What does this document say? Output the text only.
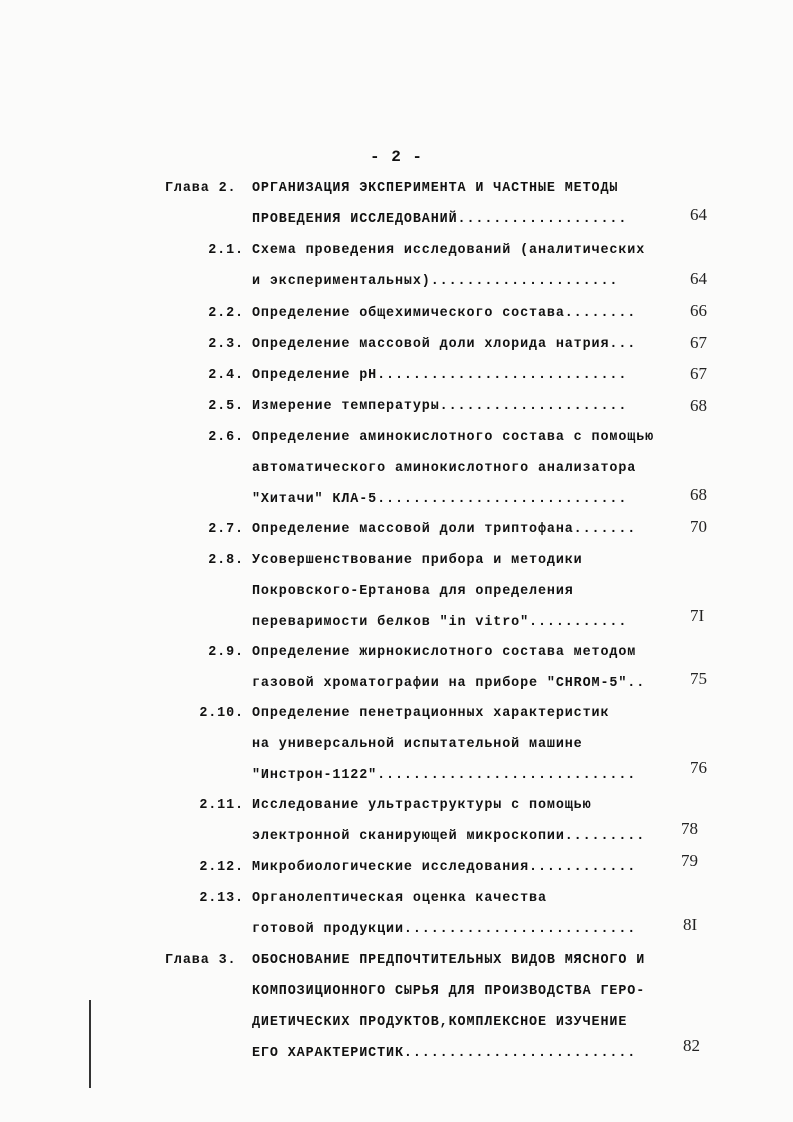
- 2 -
Глава 2. ОРГАНИЗАЦИЯ ЭКСПЕРИМЕНТА И ЧАСТНЫЕ МЕТОДЫ
ПРОВЕДЕНИЯ ИССЛЕДОВАНИЙ...................	64
2.1. Схема проведения исследований (аналитических
и экспериментальных).....................	64
2.2. Определение общехимического состава........	66
2.3. Определение массовой доли хлорида натрия...	67
2.4. Определение рН............................	67
2.5. Измерение температуры.....................	68
2.6. Определение аминокислотного состава с помощью
автоматического аминокислотного анализатора
"Хитачи" КЛА-5............................	68
2.7. Определение массовой доли триптофана.......	70
2.8. Усовершенствование прибора и методики
Покровского-Ертанова для определения
переваримости белков "in vitro"...........	7I
2.9. Определение жирнокислотного состава методом
газовой хроматографии на приборе "CHROM-5"..	75
2.10. Определение пенетрационных характеристик
на универсальной испытательной машине
"Инстрон-1122".............................	76
2.11. Исследование ультраструктуры с помощью
электронной сканирующей микроскопии......... 78
2.12. Микробиологические исследования............	79
2.13. Органолептическая оценка качества
готовой продукции..........................	8I
Глава 3. ОБОСНОВАНИЕ ПРЕДПОЧТИТЕЛЬНЫХ ВИДОВ МЯСНОГО И
КОМПОЗИЦИОННОГО СЫРЬЯ ДЛЯ ПРОИЗВОДСТВА ГЕРО-
ДИЕТИЧЕСКИХ ПРОДУКТОВ,КОМПЛЕКСНОЕ ИЗУЧЕНИЕ
ЕГО ХАРАКТЕРИСТИК..........................	82
